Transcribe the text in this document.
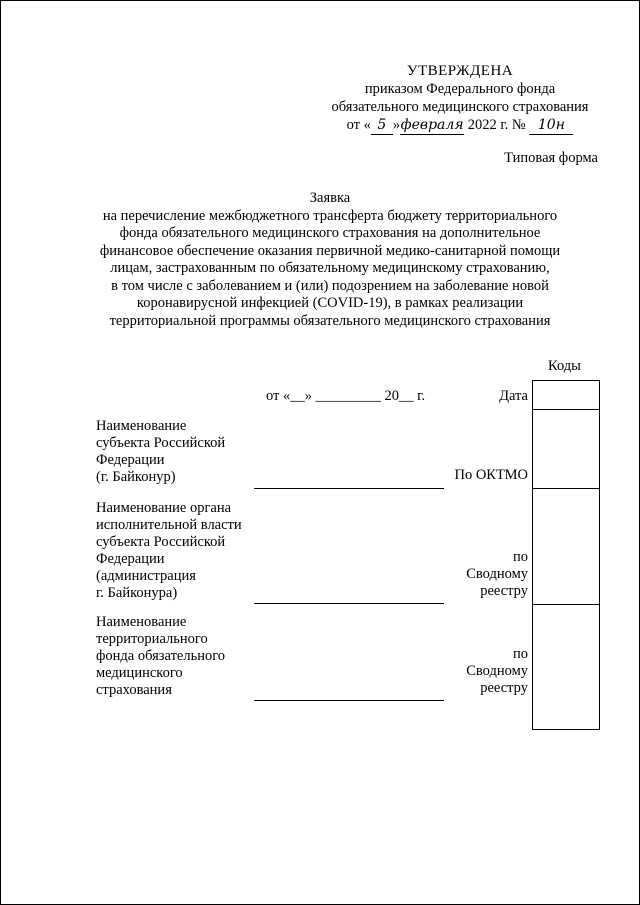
УТВЕРЖДЕНА
приказом Федерального фонда
обязательного медицинского страхования
от « 5 »февраля 2022 г. № 10н
Типовая форма
Заявка
на перечисление межбюджетного трансферта бюджету территориального
фонда обязательного медицинского страхования на дополнительное
финансовое обеспечение оказания первичной медико-санитарной помощи
лицам, застрахованным по обязательному медицинскому страхованию,
в том числе с заболеванием и (или) подозрением на заболевание новой
коронавирусной инфекцией (COVID-19), в рамках реализации
территориальной программы обязательного медицинского страхования
Коды
от «__» _________ 20__ г.	Дата
Наименование
субъекта Российской
Федерации
(г. Байконур)	По ОКТМО
Наименование органа
исполнительной власти
субъекта Российской
Федерации
(администрация
г. Байконура)
по
Сводному
реестру
Наименование
территориального
фонда обязательного
медицинского
страхования
по
Сводному
реестру
